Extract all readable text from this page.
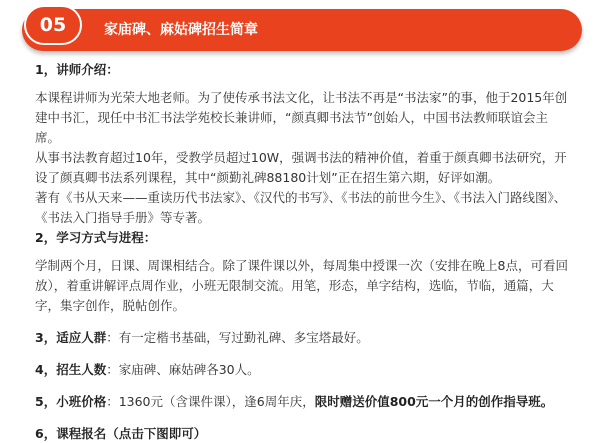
家庙碑、麻姑碑招生简章
05

1，讲师介绍：

本课程讲师为光荣大地老师。为了使传承书法文化，让书法不再是“书法家”的事，他于2015年创建中书汇，现任中书汇书法学苑校长兼讲师，“颜真卿书法节”创始人，中国书法教师联谊会主席。

从事书法教育超过10年，受教学员超过10W，强调书法的精神价值，着重于颜真卿书法研究，开设了颜真卿书法系列课程，其中“颜勤礼碑88180计划”正在招生第六期，好评如潮。

著有《书从天来——重读历代书法家》、《汉代的书写》、《书法的前世今生》、《书法入门路线图》、《书法入门指导手册》等专著。

2，学习方式与进程：

学制两个月，日课、周课相结合。除了课件课以外，每周集中授课一次（安排在晚上8点，可看回放），着重讲解评点周作业，小班无限制交流。用笔，形态，单字结构，选临，节临，通篇，大字，集字创作，脱帖创作。

3，适应人群：有一定楷书基础，写过勤礼碑、多宝塔最好。

4，招生人数：家庙碑、麻姑碑各30人。

5，小班价格：1360元（含课件课），逢6周年庆，限时赠送价值800元一个月的创作指导班。

6，课程报名（点击下图即可）
